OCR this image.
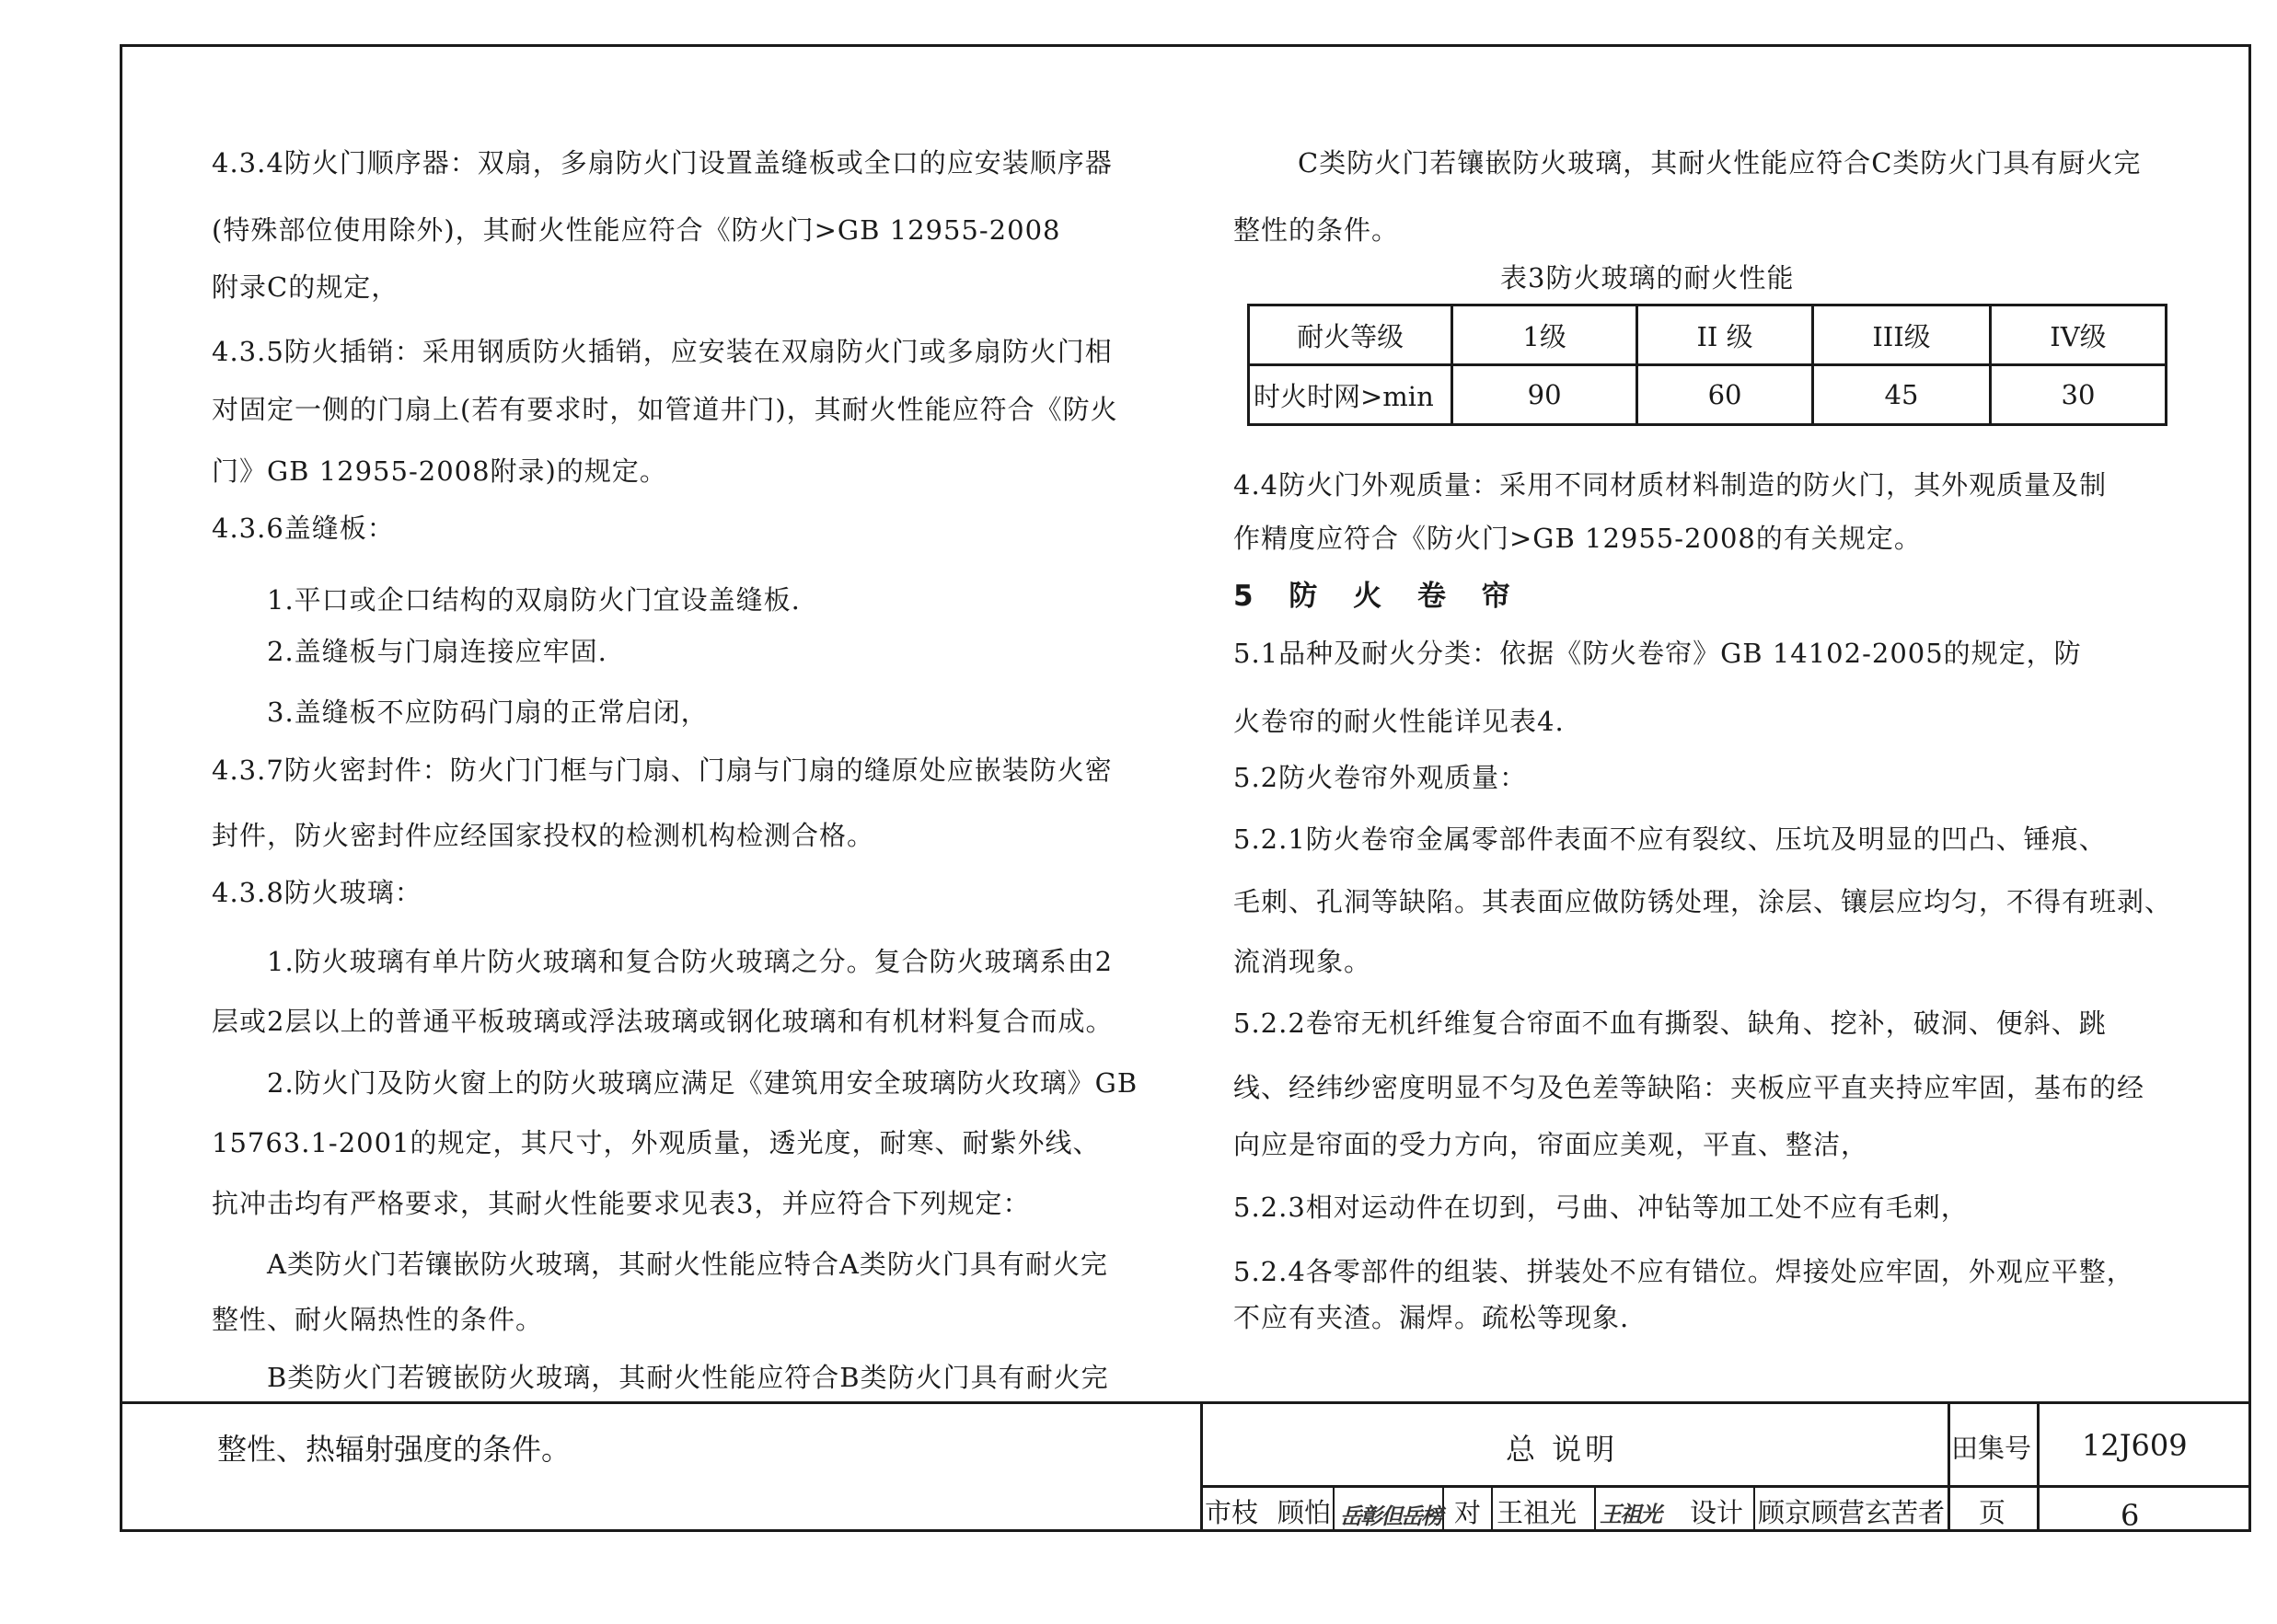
4.3.4防火门顺序器：双扇，多扇防火门设置盖缝板或全口的应安装顺序器
(特殊部位使用除外)，其耐火性能应符合《防火门>GB 12955-2008
附录C的规定，
4.3.5防火插销：采用钢质防火插销，应安装在双扇防火门或多扇防火门相
对固定一侧的门扇上(若有要求时，如管道井门)，其耐火性能应符合《防火
门》GB 12955-2008附录)的规定。
4.3.6盖缝板：
1.平口或企口结构的双扇防火门宜设盖缝板.
2.盖缝板与门扇连接应牢固.
3.盖缝板不应防码门扇的正常启闭，
4.3.7防火密封件：防火门门框与门扇、门扇与门扇的缝原处应嵌装防火密
封件，防火密封件应经国家投权的检测机构检测合格。
4.3.8防火玻璃：
1.防火玻璃有单片防火玻璃和复合防火玻璃之分。复合防火玻璃系由2
层或2层以上的普通平板玻璃或浮法玻璃或钢化玻璃和有机材料复合而成。
2.防火门及防火窗上的防火玻璃应满足《建筑用安全玻璃防火玫璃》GB
15763.1-2001的规定，其尺寸，外观质量，透光度，耐寒、耐紫外线、
抗冲击均有严格要求，其耐火性能要求见表3，并应符合下列规定：
A类防火门若镶嵌防火玻璃，其耐火性能应特合A类防火门具有耐火完
整性、耐火隔热性的条件。
B类防火门若镀嵌防火玻璃，其耐火性能应符合B类防火门具有耐火完
C类防火门若镶嵌防火玻璃，其耐火性能应符合C类防火门具有厨火完
整性的条件。
表3防火玻璃的耐火性能
4.4防火门外观质量：采用不同材质材料制造的防火门，其外观质量及制
作精度应符合《防火门>GB 12955-2008的有关规定。
5 防 火 卷 帘
5.1品种及耐火分类：依据《防火卷帘》GB 14102-2005的规定，防
火卷帘的耐火性能详见表4.
5.2防火卷帘外观质量：
5.2.1防火卷帘金属零部件表面不应有裂纹、压坑及明显的凹凸、锤痕、
毛刺、孔洞等缺陷。其表面应做防锈处理，涂层、镶层应均匀，不得有班剥、
流消现象。
5.2.2卷帘无机纤维复合帘面不血有撕裂、缺角、挖补，破洞、便斜、跳
线、经纬纱密度明显不匀及色差等缺陷：夹板应平直夹持应牢固，基布的经
向应是帘面的受力方向，帘面应美观，平直、整洁，
5.2.3相对运动件在切到，弓曲、冲钻等加工处不应有毛刺，
5.2.4各零部件的组装、拼装处不应有错位。焊接处应牢固，外观应平整，
不应有夹渣。漏焊。疏松等现象.
耐火等级	1级	II 级	III级	IV级
时火时网>min	90	60	45	30
整性、热辐射强度的条件。	总 说明	田集号 12J609
市枝 顾怕 岳彰但岳榜 对 王祖光 王祖光 设计 顾京顾营玄苦者 页	6
